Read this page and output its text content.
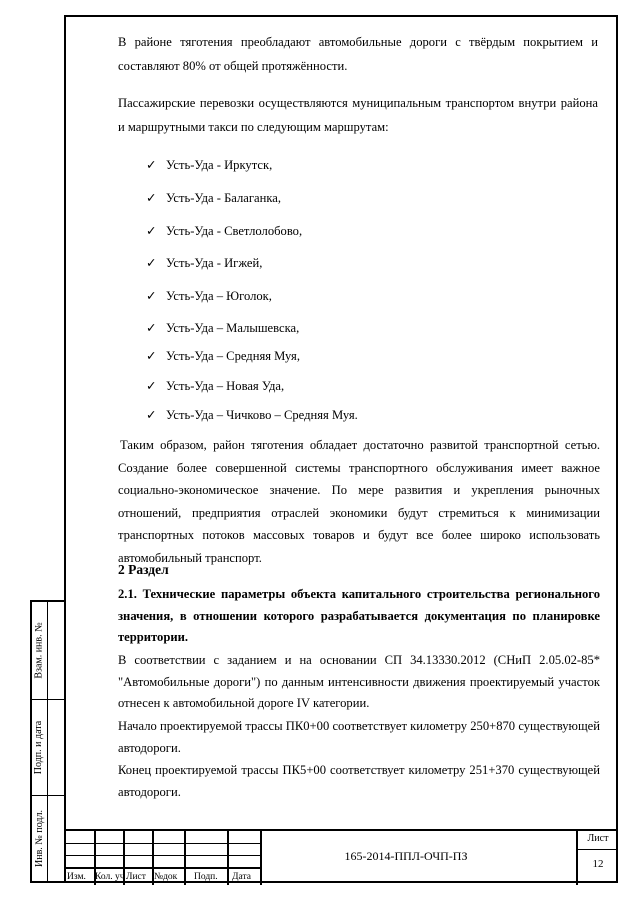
В районе тяготения преобладают автомобильные дороги с твёрдым покрытием и составляют 80% от общей протяжённости.

Пассажирские перевозки осуществляются муниципальным транспортом внутри района и маршрутными такси по следующим маршрутам:

✓ Усть-Уда - Иркутск,
✓ Усть-Уда - Балаганка,
✓ Усть-Уда - Светлолобово,
✓ Усть-Уда - Игжей,
✓ Усть-Уда – Юголок,
✓ Усть-Уда – Малышевска,
✓ Усть-Уда – Средняя Муя,
✓ Усть-Уда – Новая Уда,
✓ Усть-Уда – Чичково – Средняя Муя.
Таким образом, район тяготения обладает достаточно развитой транспортной сетью. Создание более совершенной системы транспортного обслуживания имеет важное социально-экономическое значение. По мере развития и укрепления рыночных отношений, предприятия отраслей экономики будут стремиться к минимизации транспортных потоков массовых товаров и будут все более широко использовать автомобильный транспорт.
2 Раздел
2.1. Технические параметры объекта капитального строительства регионального значения, в отношении которого разрабатывается документация по планировке территории.
В соответствии с заданием и на основании СП 34.13330.2012 (СНиП 2.05.02-85* "Автомобильные дороги") по данным интенсивности движения проектируемый участок отнесен к автомобильной дороге IV категории.
Начало проектируемой трассы ПК0+00 соответствует километру 250+870 существующей автодороги.
Конец проектируемой трассы ПК5+00 соответствует километру 251+370 существующей автодороги.
Взам. инв. №
Подп. и дата
Инв. № подл.
Изм. Кол. уч Лист №док Подп. Дата
165-2014-ППЛ-ОЧП-ПЗ
Лист
12
